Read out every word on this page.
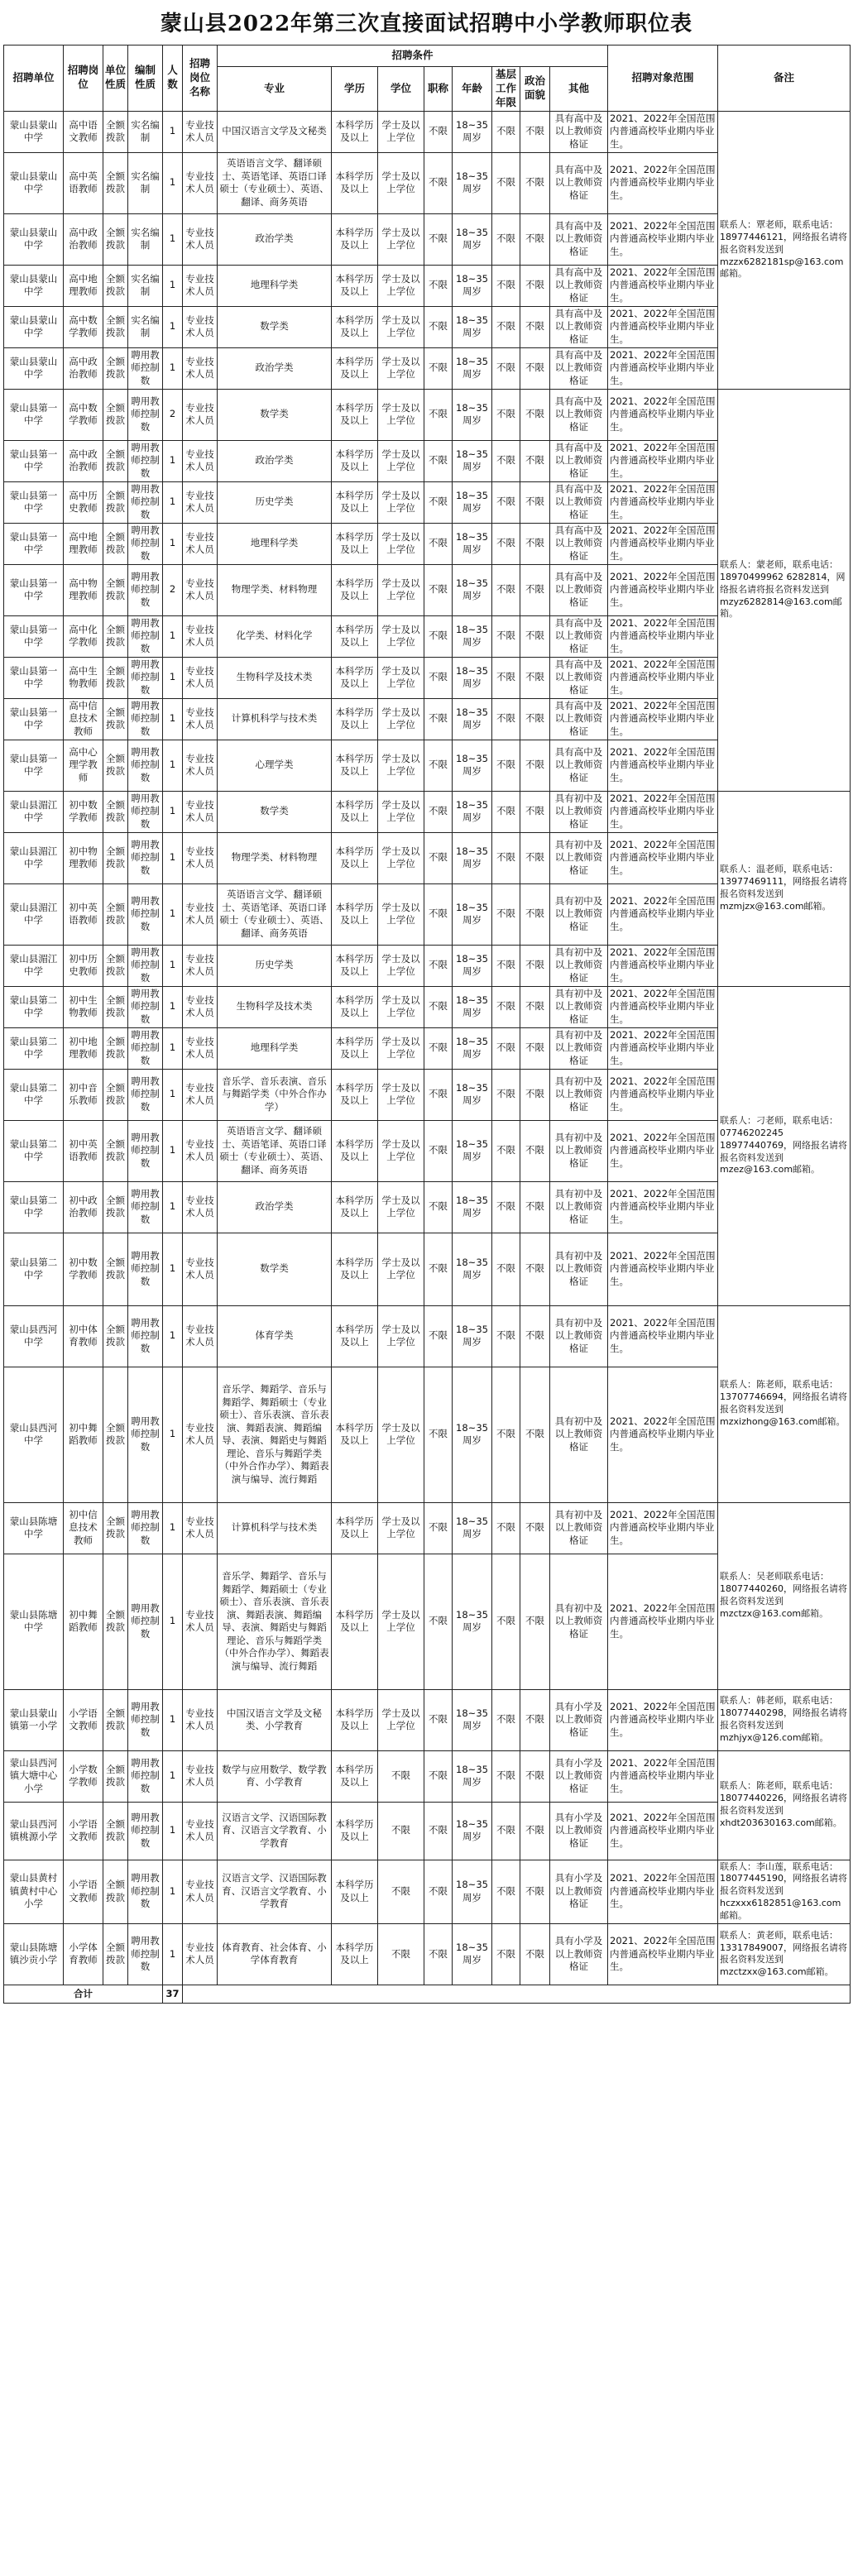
蒙山县2022年第三次直接面试招聘中小学教师职位表
招聘单位	招聘岗位	单位性质	编制性质	人数	招聘岗位名称	招聘条件								招聘对象范围	备注
						专业	学历	学位	职称	年龄	基层工作年限	政治面貌	其他		
蒙山县蒙山中学	高中语文教师	全额拨款	实名编制	1	专业技术人员	中国汉语言文学及文秘类	本科学历及以上	学士及以上学位	不限	18~35周岁	不限	不限	具有高中及以上教师资格证	2021、2022年全国范围内普通高校毕业期内毕业生。	联系人：覃老师，联系电话：18977446121，网络报名请将报名资料发送到mzzx6282181sp@163.com邮箱。
蒙山县蒙山中学	高中英语教师	全额拨款	实名编制	1	专业技术人员	英语语言文学、翻译硕士、英语笔译、英语口译硕士（专业硕士）、英语、翻译、商务英语	本科学历及以上	学士及以上学位	不限	18~35周岁	不限	不限	具有高中及以上教师资格证	2021、2022年全国范围内普通高校毕业期内毕业生。	
蒙山县蒙山中学	高中政治教师	全额拨款	实名编制	1	专业技术人员	政治学类	本科学历及以上	学士及以上学位	不限	18~35周岁	不限	不限	具有高中及以上教师资格证	2021、2022年全国范围内普通高校毕业期内毕业生。	
蒙山县蒙山中学	高中地理教师	全额拨款	实名编制	1	专业技术人员	地理科学类	本科学历及以上	学士及以上学位	不限	18~35周岁	不限	不限	具有高中及以上教师资格证	2021、2022年全国范围内普通高校毕业期内毕业生。	
蒙山县蒙山中学	高中数学教师	全额拨款	实名编制	1	专业技术人员	数学类	本科学历及以上	学士及以上学位	不限	18~35周岁	不限	不限	具有高中及以上教师资格证	2021、2022年全国范围内普通高校毕业期内毕业生。	
蒙山县蒙山中学	高中政治教师	全额拨款	聘用教师控制数	1	专业技术人员	政治学类	本科学历及以上	学士及以上学位	不限	18~35周岁	不限	不限	具有高中及以上教师资格证	2021、2022年全国范围内普通高校毕业期内毕业生。	
蒙山县第一中学	高中数学教师	全额拨款	聘用教师控制数	2	专业技术人员	数学类	本科学历及以上	学士及以上学位	不限	18~35周岁	不限	不限	具有高中及以上教师资格证	2021、2022年全国范围内普通高校毕业期内毕业生。	联系人：蒙老师，联系电话：18970499962 6282814，网络报名请将报名资料发送到mzyz6282814@163.com邮箱。
蒙山县第一中学	高中政治教师	全额拨款	聘用教师控制数	1	专业技术人员	政治学类	本科学历及以上	学士及以上学位	不限	18~35周岁	不限	不限	具有高中及以上教师资格证	2021、2022年全国范围内普通高校毕业期内毕业生。	
蒙山县第一中学	高中历史教师	全额拨款	聘用教师控制数	1	专业技术人员	历史学类	本科学历及以上	学士及以上学位	不限	18~35周岁	不限	不限	具有高中及以上教师资格证	2021、2022年全国范围内普通高校毕业期内毕业生。	
蒙山县第一中学	高中地理教师	全额拨款	聘用教师控制数	1	专业技术人员	地理科学类	本科学历及以上	学士及以上学位	不限	18~35周岁	不限	不限	具有高中及以上教师资格证	2021、2022年全国范围内普通高校毕业期内毕业生。	
蒙山县第一中学	高中物理教师	全额拨款	聘用教师控制数	2	专业技术人员	物理学类、材料物理	本科学历及以上	学士及以上学位	不限	18~35周岁	不限	不限	具有高中及以上教师资格证	2021、2022年全国范围内普通高校毕业期内毕业生。	
蒙山县第一中学	高中化学教师	全额拨款	聘用教师控制数	1	专业技术人员	化学类、材料化学	本科学历及以上	学士及以上学位	不限	18~35周岁	不限	不限	具有高中及以上教师资格证	2021、2022年全国范围内普通高校毕业期内毕业生。	
蒙山县第一中学	高中生物教师	全额拨款	聘用教师控制数	1	专业技术人员	生物科学及技术类	本科学历及以上	学士及以上学位	不限	18~35周岁	不限	不限	具有高中及以上教师资格证	2021、2022年全国范围内普通高校毕业期内毕业生。	
蒙山县第一中学	高中信息技术教师	全额拨款	聘用教师控制数	1	专业技术人员	计算机科学与技术类	本科学历及以上	学士及以上学位	不限	18~35周岁	不限	不限	具有高中及以上教师资格证	2021、2022年全国范围内普通高校毕业期内毕业生。	
蒙山县第一中学	高中心理学教师	全额拨款	聘用教师控制数	1	专业技术人员	心理学类	本科学历及以上	学士及以上学位	不限	18~35周岁	不限	不限	具有高中及以上教师资格证	2021、2022年全国范围内普通高校毕业期内毕业生。	
蒙山县湄江中学	初中数学教师	全额拨款	聘用教师控制数	1	专业技术人员	数学类	本科学历及以上	学士及以上学位	不限	18~35周岁	不限	不限	具有初中及以上教师资格证	2021、2022年全国范围内普通高校毕业期内毕业生。	联系人：温老师，联系电话：13977469111，网络报名请将报名资料发送到mzmjzx@163.com邮箱。
蒙山县湄江中学	初中物理教师	全额拨款	聘用教师控制数	1	专业技术人员	物理学类、材料物理	本科学历及以上	学士及以上学位	不限	18~35周岁	不限	不限	具有初中及以上教师资格证	2021、2022年全国范围内普通高校毕业期内毕业生。	
蒙山县湄江中学	初中英语教师	全额拨款	聘用教师控制数	1	专业技术人员	英语语言文学、翻译硕士、英语笔译、英语口译硕士（专业硕士）、英语、翻译、商务英语	本科学历及以上	学士及以上学位	不限	18~35周岁	不限	不限	具有初中及以上教师资格证	2021、2022年全国范围内普通高校毕业期内毕业生。	
蒙山县湄江中学	初中历史教师	全额拨款	聘用教师控制数	1	专业技术人员	历史学类	本科学历及以上	学士及以上学位	不限	18~35周岁	不限	不限	具有初中及以上教师资格证	2021、2022年全国范围内普通高校毕业期内毕业生。	
蒙山县第二中学	初中生物教师	全额拨款	聘用教师控制数	1	专业技术人员	生物科学及技术类	本科学历及以上	学士及以上学位	不限	18~35周岁	不限	不限	具有初中及以上教师资格证	2021、2022年全国范围内普通高校毕业期内毕业生。	联系人：刁老师，联系电话：07746202245 18977440769，网络报名请将报名资料发送到mzez@163.com邮箱。
蒙山县第二中学	初中地理教师	全额拨款	聘用教师控制数	1	专业技术人员	地理科学类	本科学历及以上	学士及以上学位	不限	18~35周岁	不限	不限	具有初中及以上教师资格证	2021、2022年全国范围内普通高校毕业期内毕业生。	
蒙山县第二中学	初中音乐教师	全额拨款	聘用教师控制数	1	专业技术人员	音乐学、音乐表演、音乐与舞蹈学类（中外合作办学）	本科学历及以上	学士及以上学位	不限	18~35周岁	不限	不限	具有初中及以上教师资格证	2021、2022年全国范围内普通高校毕业期内毕业生。	
蒙山县第二中学	初中英语教师	全额拨款	聘用教师控制数	1	专业技术人员	英语语言文学、翻译硕士、英语笔译、英语口译硕士（专业硕士）、英语、翻译、商务英语	本科学历及以上	学士及以上学位	不限	18~35周岁	不限	不限	具有初中及以上教师资格证	2021、2022年全国范围内普通高校毕业期内毕业生。	
蒙山县第二中学	初中政治教师	全额拨款	聘用教师控制数	1	专业技术人员	政治学类	本科学历及以上	学士及以上学位	不限	18~35周岁	不限	不限	具有初中及以上教师资格证	2021、2022年全国范围内普通高校毕业期内毕业生。	
蒙山县第二中学	初中数学教师	全额拨款	聘用教师控制数	1	专业技术人员	数学类	本科学历及以上	学士及以上学位	不限	18~35周岁	不限	不限	具有初中及以上教师资格证	2021、2022年全国范围内普通高校毕业期内毕业生。	
蒙山县西河中学	初中体育教师	全额拨款	聘用教师控制数	1	专业技术人员	体育学类	本科学历及以上	学士及以上学位	不限	18~35周岁	不限	不限	具有初中及以上教师资格证	2021、2022年全国范围内普通高校毕业期内毕业生。	联系人：陈老师，联系电话：13707746694，网络报名请将报名资料发送到mzxizhong@163.com邮箱。
蒙山县西河中学	初中舞蹈教师	全额拨款	聘用教师控制数	1	专业技术人员	音乐学、舞蹈学、音乐与舞蹈学、舞蹈硕士（专业硕士）、音乐表演、音乐表演、舞蹈表演、舞蹈编导、表演、舞蹈史与舞蹈理论、音乐与舞蹈学类（中外合作办学）、舞蹈表演与编导、流行舞蹈	本科学历及以上	学士及以上学位	不限	18~35周岁	不限	不限	具有初中及以上教师资格证	2021、2022年全国范围内普通高校毕业期内毕业生。	
蒙山县陈塘中学	初中信息技术教师	全额拨款	聘用教师控制数	1	专业技术人员	计算机科学与技术类	本科学历及以上	学士及以上学位	不限	18~35周岁	不限	不限	具有初中及以上教师资格证	2021、2022年全国范围内普通高校毕业期内毕业生。	联系人：吴老师联系电话：18077440260，网络报名请将报名资料发送到mzctzx@163.com邮箱。
蒙山县陈塘中学	初中舞蹈教师	全额拨款	聘用教师控制数	1	专业技术人员	音乐学、舞蹈学、音乐与舞蹈学、舞蹈硕士（专业硕士）、音乐表演、音乐表演、舞蹈表演、舞蹈编导、表演、舞蹈史与舞蹈理论、音乐与舞蹈学类（中外合作办学）、舞蹈表演与编导、流行舞蹈	本科学历及以上	学士及以上学位	不限	18~35周岁	不限	不限	具有初中及以上教师资格证	2021、2022年全国范围内普通高校毕业期内毕业生。	
蒙山县蒙山镇第一小学	小学语文教师	全额拨款	聘用教师控制数	1	专业技术人员	中国汉语言文学及文秘类、小学教育	本科学历及以上	学士及以上学位	不限	18~35周岁	不限	不限	具有小学及以上教师资格证	2021、2022年全国范围内普通高校毕业期内毕业生。	联系人：韩老师，联系电话：18077440298，网络报名请将报名资料发送到mzhjyx@126.com邮箱。
蒙山县西河镇大塘中心小学	小学数学教师	全额拨款	聘用教师控制数	1	专业技术人员	数学与应用数学、数学教育、小学教育	本科学历及以上	不限	不限	18~35周岁	不限	不限	具有小学及以上教师资格证	2021、2022年全国范围内普通高校毕业期内毕业生。	联系人：陈老师，联系电话：18077440226，网络报名请将报名资料发送到xhdt203630163.com邮箱。
蒙山县西河镇桃源小学	小学语文教师	全额拨款	聘用教师控制数	1	专业技术人员	汉语言文学、汉语国际教育、汉语言文学教育、小学教育	本科学历及以上	不限	不限	18~35周岁	不限	不限	具有小学及以上教师资格证	2021、2022年全国范围内普通高校毕业期内毕业生。	
蒙山县黄村镇黄村中心小学	小学语文教师	全额拨款	聘用教师控制数	1	专业技术人员	汉语言文学、汉语国际教育、汉语言文学教育、小学教育	本科学历及以上	不限	不限	18~35周岁	不限	不限	具有小学及以上教师资格证	2021、2022年全国范围内普通高校毕业期内毕业生。	联系人：李山莲，联系电话：18077445190，网络报名请将报名资料发送到hczxxx6182851@163.com邮箱。
蒙山县陈塘镇沙贡小学	小学体育教师	全额拨款	聘用教师控制数	1	专业技术人员	体育教育、社会体育、小学体育教育	本科学历及以上	不限	不限	18~35周岁	不限	不限	具有小学及以上教师资格证	2021、2022年全国范围内普通高校毕业期内毕业生。	联系人：黄老师，联系电话：13317849007，网络报名请将报名资料发送到mzctzxx@163.com邮箱。
合计				37											
